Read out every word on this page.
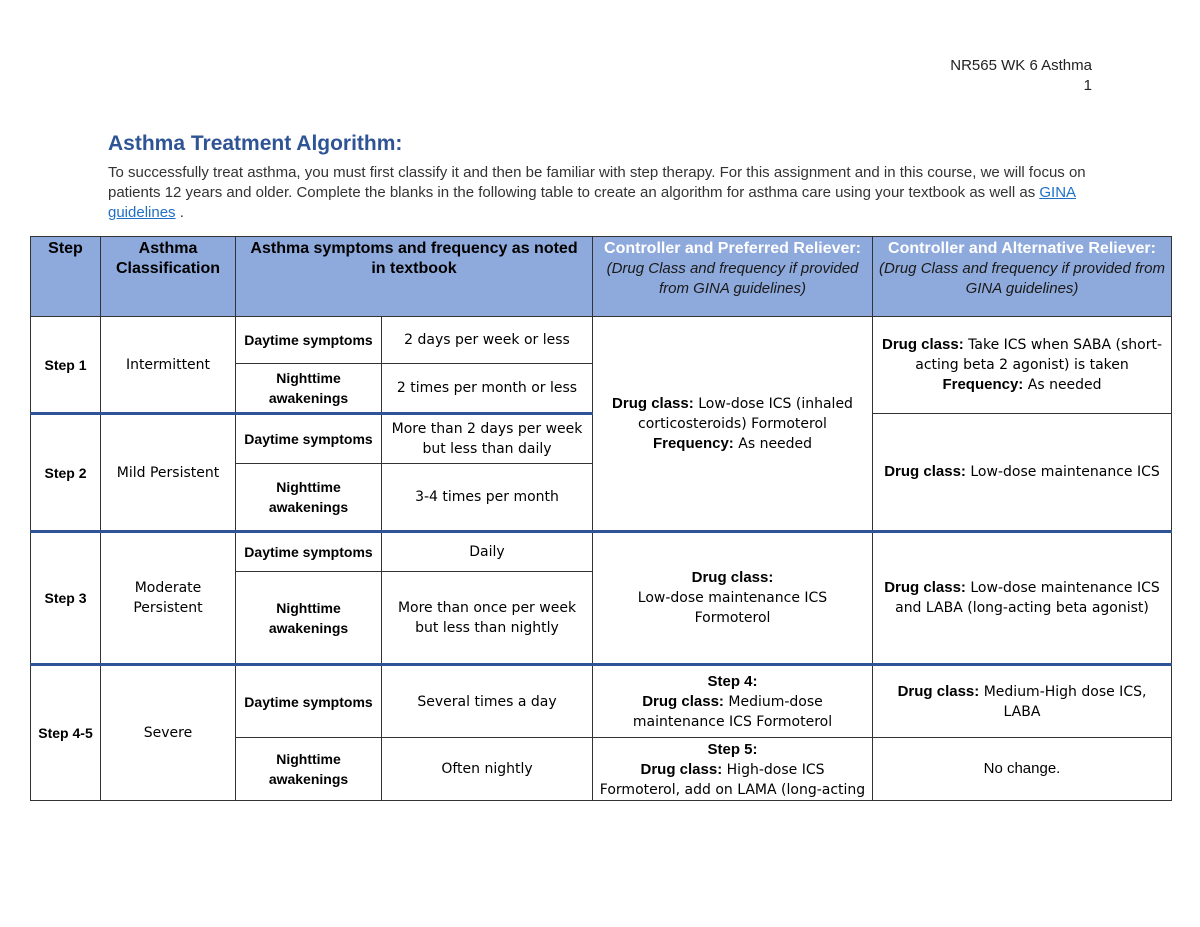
NR565 WK 6 Asthma
1
Asthma Treatment Algorithm:

To successfully treat asthma, you must first classify it and then be familiar with step therapy. For this assignment and in this course, we will focus on patients 12 years and older. Complete the blanks in the following table to create an algorithm for asthma care using your textbook as well as GINA guidelines .

Step	Asthma Classification	Asthma symptoms and frequency as noted in textbook		Controller and Preferred Reliever:
(Drug Class and frequency if provided from GINA guidelines)	Controller and Alternative Reliever:
(Drug Class and frequency if provided from GINA guidelines)

Step 1	Intermittent	Daytime symptoms	2 days per week or less	Drug class: Low-dose ICS (inhaled corticosteroids) Formoterol
Frequency: As needed	Drug class: Take ICS when SABA (short-acting beta 2 agonist) is taken
Frequency: As needed
		Nighttime awakenings	2 times per month or less		
Step 2	Mild Persistent	Daytime symptoms	More than 2 days per week but less than daily		Drug class: Low-dose maintenance ICS
		Nighttime awakenings	3-4 times per month		
Step 3	Moderate Persistent	Daytime symptoms	Daily	Drug class:
Low-dose maintenance ICS Formoterol	Drug class: Low-dose maintenance ICS and LABA (long-acting beta agonist)
		Nighttime awakenings	More than once per week but less than nightly		
Step 4-5	Severe	Daytime symptoms	Several times a day	Step 4:
Drug class: Medium-dose maintenance ICS Formoterol	Drug class: Medium-High dose ICS, LABA
		Nighttime awakenings	Often nightly	Step 5:
Drug class: High-dose ICS Formoterol, add on LAMA (long-acting	No change.
